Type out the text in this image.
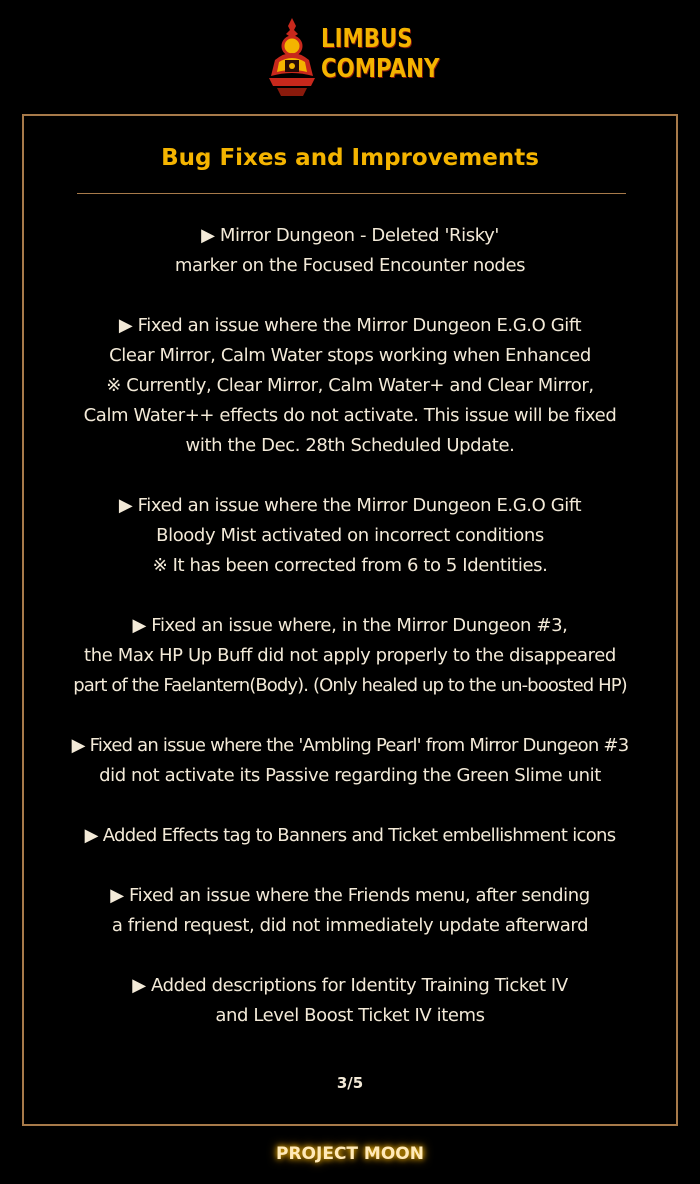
LIMBUS
COMPANY
Bug Fixes and Improvements
▶ Mirror Dungeon - Deleted 'Risky'
marker on the Focused Encounter nodes
▶ Fixed an issue where the Mirror Dungeon E.G.O Gift
Clear Mirror, Calm Water stops working when Enhanced
※ Currently, Clear Mirror, Calm Water+ and Clear Mirror,
Calm Water++ effects do not activate. This issue will be fixed
with the Dec. 28th Scheduled Update.
▶ Fixed an issue where the Mirror Dungeon E.G.O Gift
Bloody Mist activated on incorrect conditions
※ It has been corrected from 6 to 5 Identities.
▶ Fixed an issue where, in the Mirror Dungeon #3,
the Max HP Up Buff did not apply properly to the disappeared
part of the Faelantern(Body). (Only healed up to the un-boosted HP)
▶ Fixed an issue where the 'Ambling Pearl' from Mirror Dungeon #3
did not activate its Passive regarding the Green Slime unit
▶ Added Effects tag to Banners and Ticket embellishment icons
▶ Fixed an issue where the Friends menu, after sending
a friend request, did not immediately update afterward
▶ Added descriptions for Identity Training Ticket IV
and Level Boost Ticket IV items
3/5
PROJECT MOON
